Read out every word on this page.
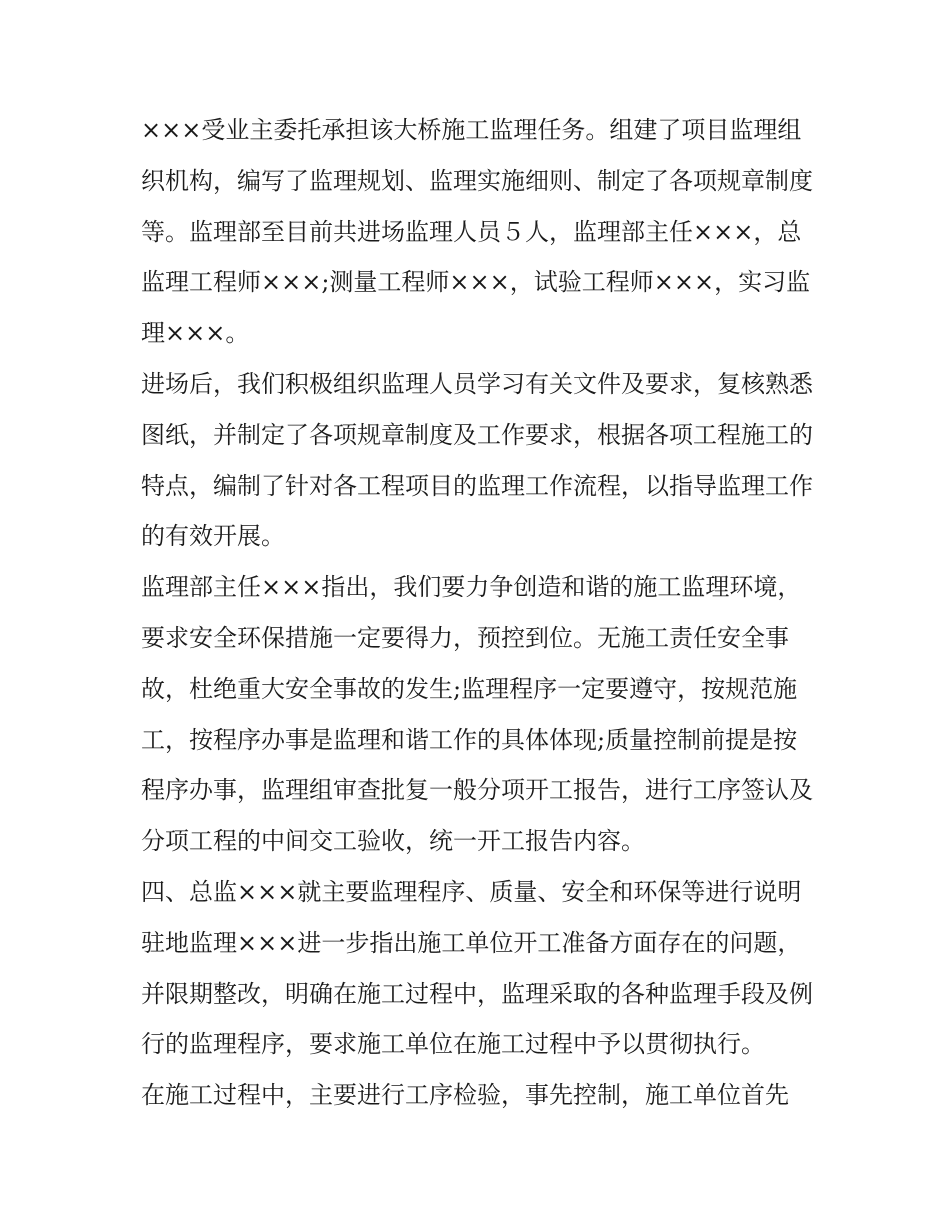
×××受业主委托承担该大桥施工监理任务。组建了项目监理组织机构，编写了监理规划、监理实施细则、制定了各项规章制度等。监理部至目前共进场监理人员５人，监理部主任×××，总监理工程师×××;测量工程师×××，试验工程师×××，实习监理×××。

进场后，我们积极组织监理人员学习有关文件及要求，复核熟悉图纸，并制定了各项规章制度及工作要求，根据各项工程施工的特点，编制了针对各工程项目的监理工作流程，以指导监理工作的有效开展。

监理部主任×××指出，我们要力争创造和谐的施工监理环境，要求安全环保措施一定要得力，预控到位。无施工责任安全事故，杜绝重大安全事故的发生;监理程序一定要遵守，按规范施工，按程序办事是监理和谐工作的具体体现;质量控制前提是按程序办事，监理组审查批复一般分项开工报告，进行工序签认及分项工程的中间交工验收，统一开工报告内容。

四、总监×××就主要监理程序、质量、安全和环保等进行说明

驻地监理×××进一步指出施工单位开工准备方面存在的问题，并限期整改，明确在施工过程中，监理采取的各种监理手段及例行的监理程序，要求施工单位在施工过程中予以贯彻执行。

在施工过程中，主要进行工序检验，事先控制，施工单位首先
